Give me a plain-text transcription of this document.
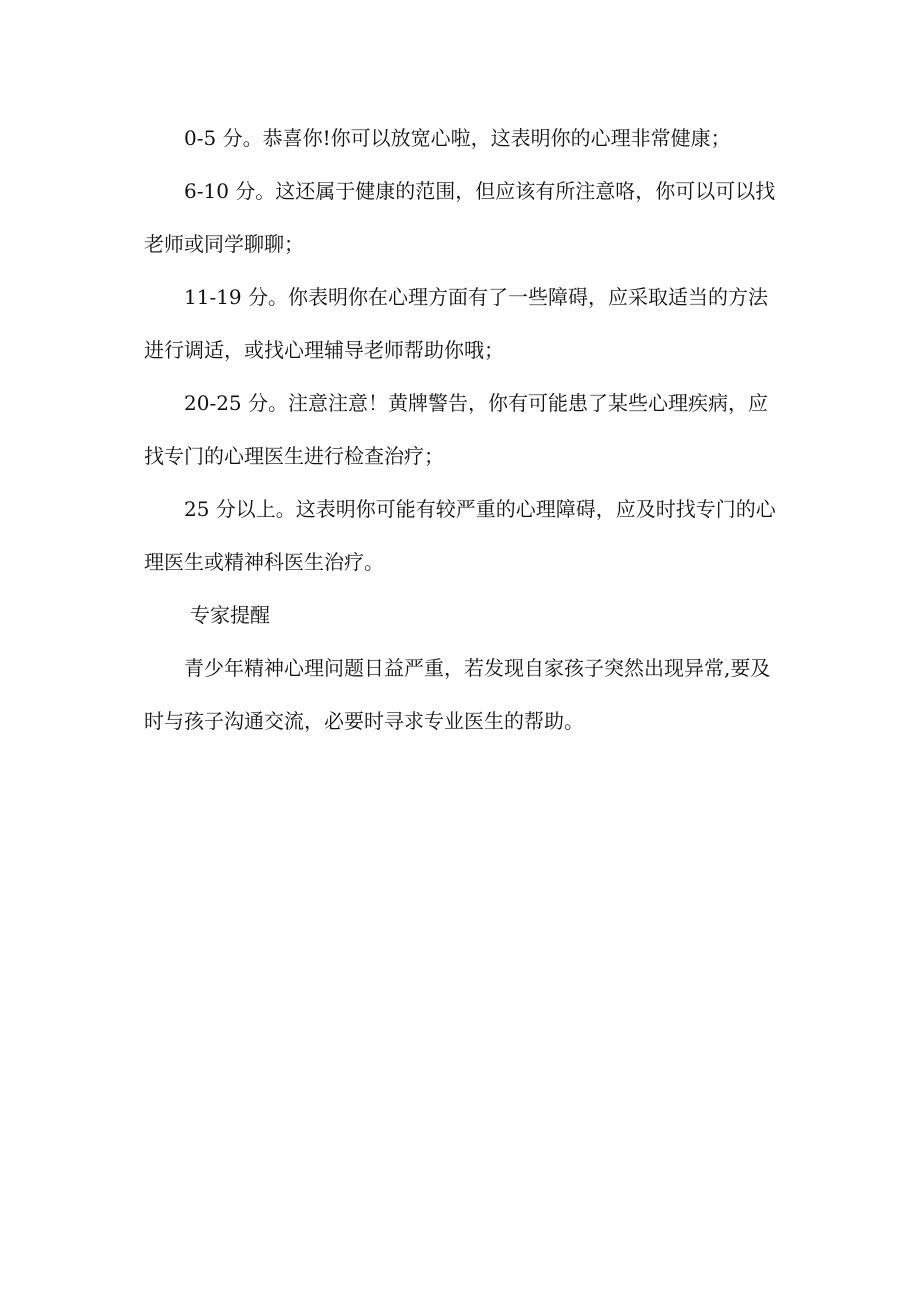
0-5 分。恭喜你!你可以放宽心啦，这表明你的心理非常健康；

6-10 分。这还属于健康的范围，但应该有所注意咯，你可以可以找老师或同学聊聊；

11-19 分。你表明你在心理方面有了一些障碍，应采取适当的方法进行调适，或找心理辅导老师帮助你哦；

20-25 分。注意注意！黄牌警告，你有可能患了某些心理疾病，应找专门的心理医生进行检查治疗；

25 分以上。这表明你可能有较严重的心理障碍，应及时找专门的心理医生或精神科医生治疗。

专家提醒

青少年精神心理问题日益严重，若发现自家孩子突然出现异常,要及时与孩子沟通交流，必要时寻求专业医生的帮助。
